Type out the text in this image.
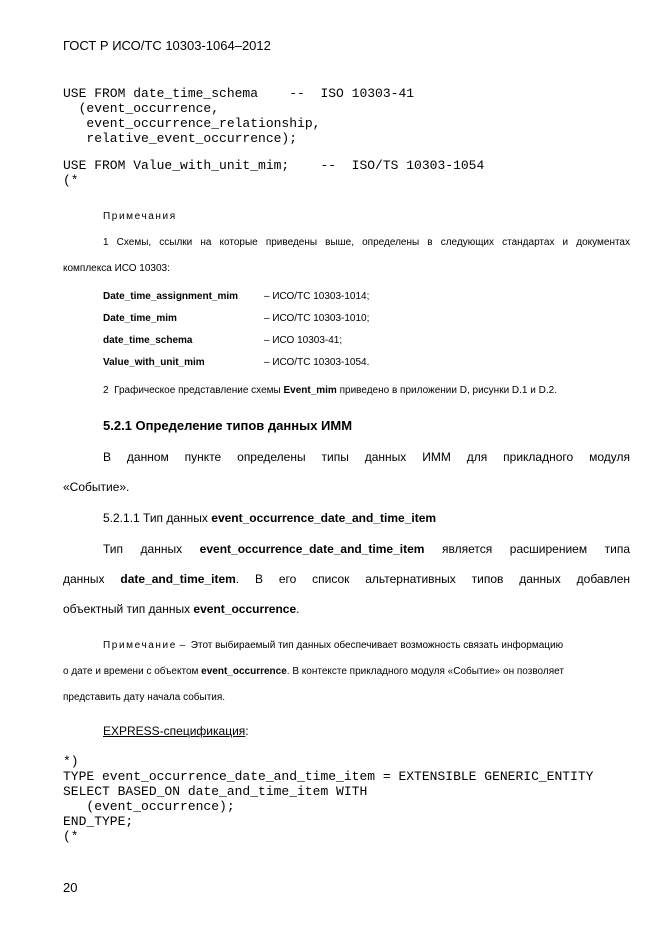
ГОСТ Р ИСО/ТС 10303-1064–2012
USE FROM date_time_schema    --  ISO 10303-41
(event_occurrence,
event_occurrence_relationship,
relative_event_occurrence);
USE FROM Value_with_unit_mim;    --  ISO/TS 10303-1054
(*
Примечания
1 Схемы, ссылки на которые приведены выше, определены в следующих стандартах и документах
комплекса ИСО 10303:
Date_time_assignment_mim	– ИСО/ТС 10303-1014;
Date_time_mim	– ИСО/ТС 10303-1010;
date_time_schema	– ИСО 10303-41;
Value_with_unit_mim	– ИСО/ТС 10303-1054.
2  Графическое представление схемы Event_mim приведено в приложении D, рисунки D.1 и D.2.
5.2.1 Определение типов данных ИММ
В данном пункте определены типы данных ИММ для прикладного модуля
«Событие».
5.2.1.1 Тип данных event_occurrence_date_and_time_item
Тип данных event_occurrence_date_and_time_item является расширением типа
данных date_and_time_item. В его список альтернативных типов данных добавлен
объектный тип данных event_occurrence.
Примечание –  Этот выбираемый тип данных обеспечивает возможность связать информацию
о дате и времени с объектом event_occurrence. В контексте прикладного модуля «Событие» он позволяет
представить дату начала события.
EXPRESS-спецификация:
*)
TYPE event_occurrence_date_and_time_item = EXTENSIBLE GENERIC_ENTITY
SELECT BASED_ON date_and_time_item WITH
(event_occurrence);
END_TYPE;
(*
20
